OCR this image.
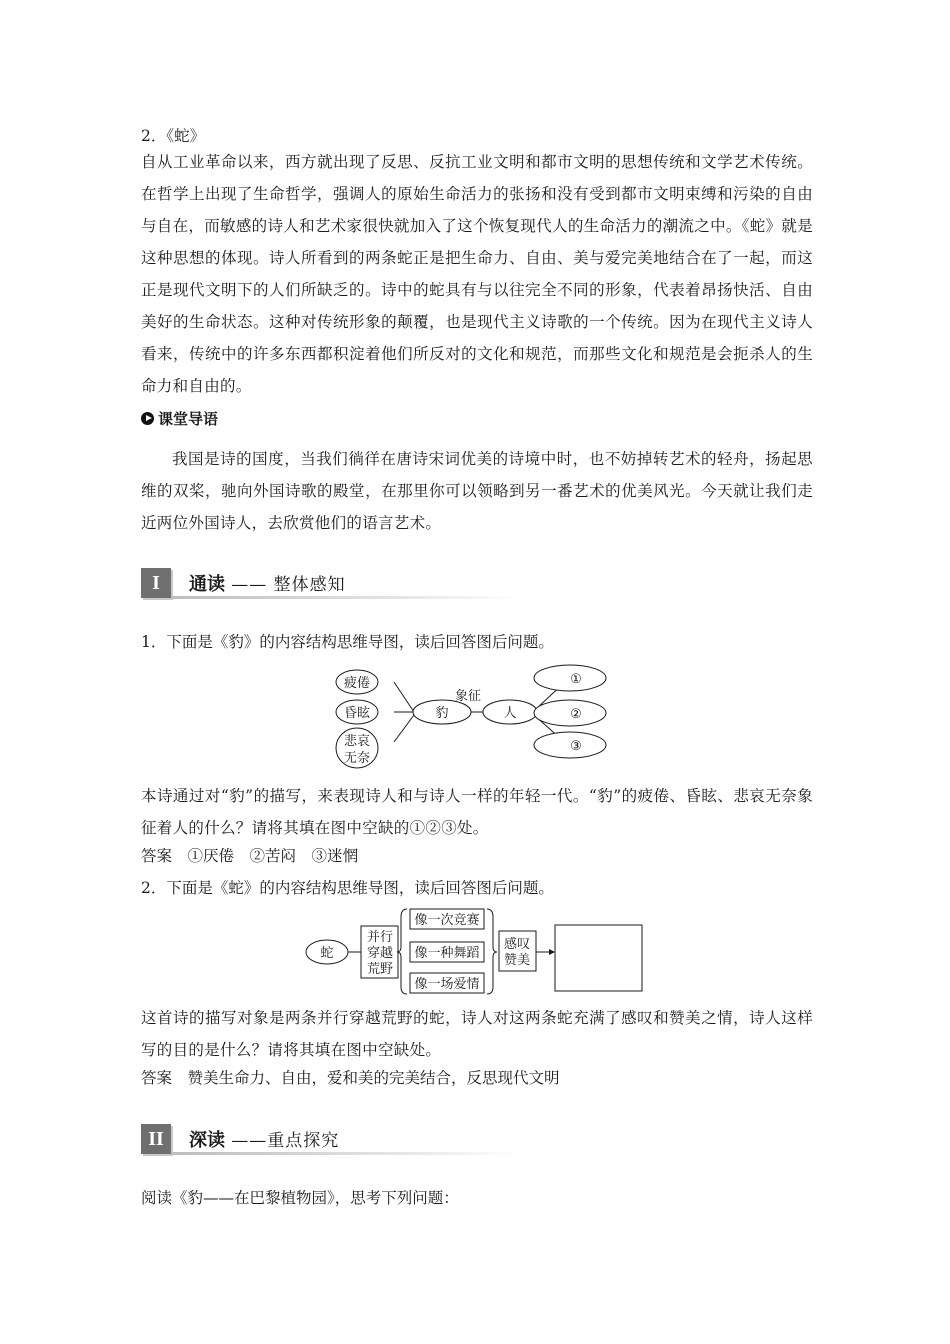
2．《蛇》
自从工业革命以来，西方就出现了反思、反抗工业文明和都市文明的思想传统和文学艺术传统。在哲学上出现了生命哲学，强调人的原始生命活力的张扬和没有受到都市文明束缚和污染的自由与自在，而敏感的诗人和艺术家很快就加入了这个恢复现代人的生命活力的潮流之中。《蛇》就是这种思想的体现。诗人所看到的两条蛇正是把生命力、自由、美与爱完美地结合在了一起，而这正是现代文明下的人们所缺乏的。诗中的蛇具有与以往完全不同的形象，代表着昂扬快活、自由美好的生命状态。这种对传统形象的颠覆，也是现代主义诗歌的一个传统。因为在现代主义诗人看来，传统中的许多东西都积淀着他们所反对的文化和规范，而那些文化和规范是会扼杀人的生命力和自由的。
课堂导语
我国是诗的国度，当我们徜徉在唐诗宋词优美的诗境中时，也不妨掉转艺术的轻舟，扬起思维的双桨，驰向外国诗歌的殿堂，在那里你可以领略到另一番艺术的优美风光。今天就让我们走近两位外国诗人，去欣赏他们的语言艺术。
I	通读 —— 整体感知
1．下面是《豹》的内容结构思维导图，读后回答图后问题。
疲倦
昏眩
悲哀
无奈
豹
象征
人
①
②
③
本诗通过对“豹”的描写，来表现诗人和与诗人一样的年轻一代。“豹”的疲倦、昏眩、悲哀无奈象征着人的什么？请将其填在图中空缺的①②③处。
答案　 ①厌倦　②苦闷　③迷惘
2．下面是《蛇》的内容结构思维导图，读后回答图后问题。
蛇
并行
穿越
荒野
像一次竞赛
像一种舞蹈
像一场爱情
感叹
赞美
这首诗的描写对象是两条并行穿越荒野的蛇，诗人对这两条蛇充满了感叹和赞美之情，诗人这样写的目的是什么？请将其填在图中空缺处。
答案　 赞美生命力、自由，爱和美的完美结合，反思现代文明
II	深读 ——重点探究
阅读《豹——在巴黎植物园》，思考下列问题：
